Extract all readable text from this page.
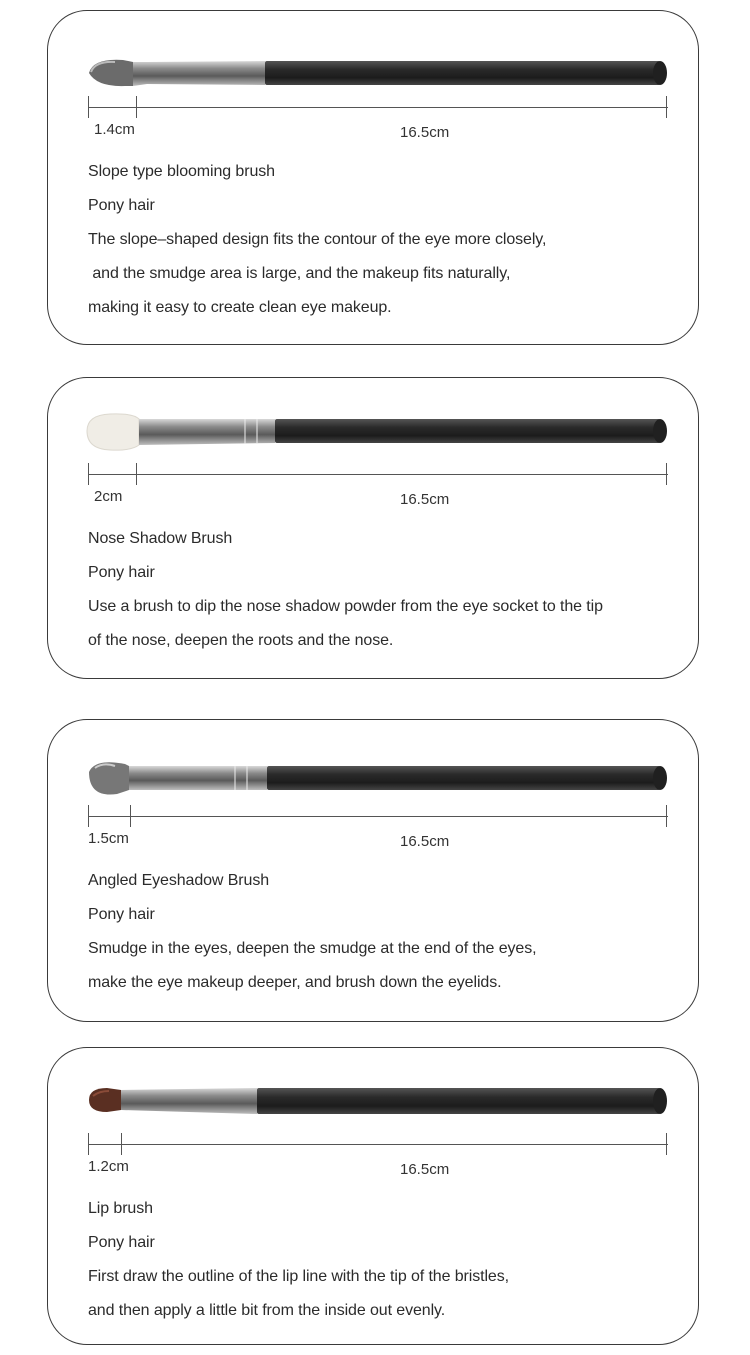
1.4cm	16.5cm
Slope type blooming brush
Pony hair
The slope–shaped design fits the contour of the eye more closely,
and the smudge area is large, and the makeup fits naturally,
making it easy to create clean eye makeup.
2cm	16.5cm
Nose Shadow Brush
Pony hair
Use a brush to dip the nose shadow powder from the eye socket to the tip
of the nose, deepen the roots and the nose.
1.5cm	16.5cm
Angled Eyeshadow Brush
Pony hair
Smudge in the eyes, deepen the smudge at the end of the eyes,
make the eye makeup deeper, and brush down the eyelids.
1.2cm	16.5cm
Lip brush
Pony hair
First draw the outline of the lip line with the tip of the bristles,
and then apply a little bit from the inside out evenly.
